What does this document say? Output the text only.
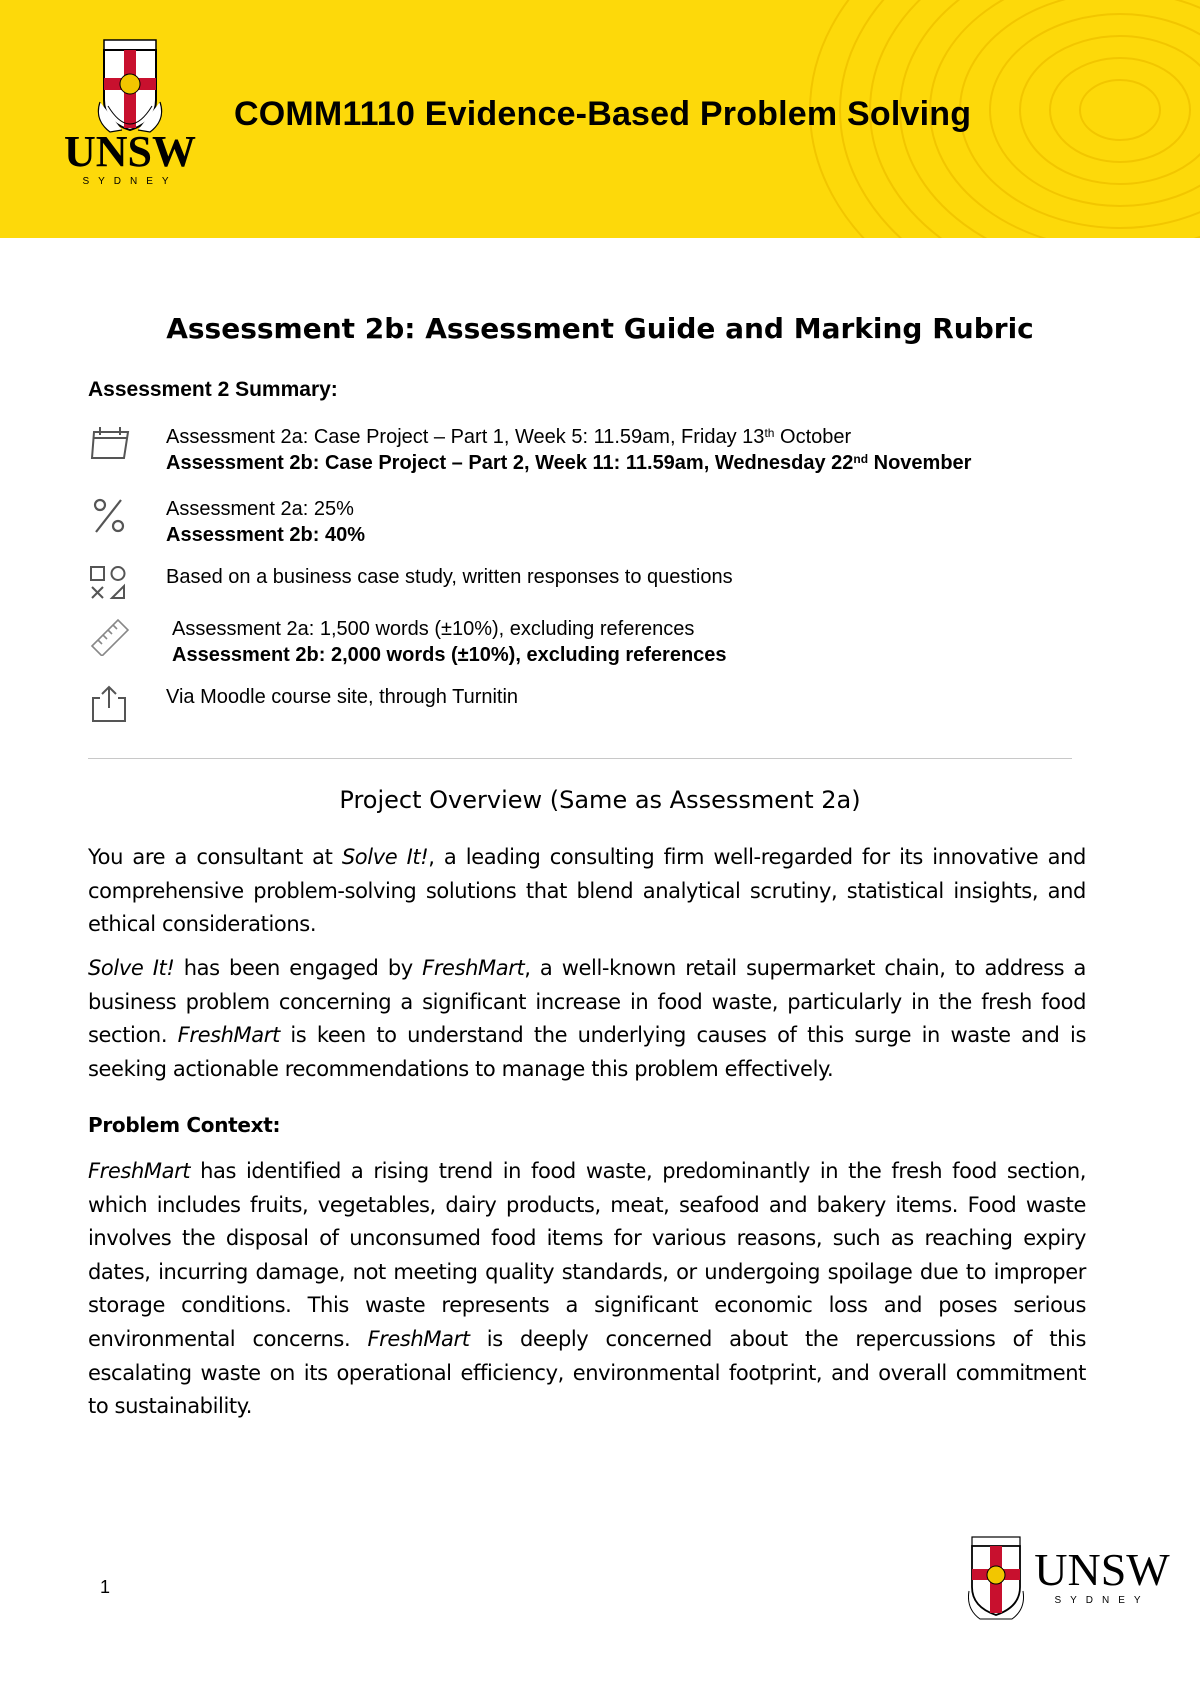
UNSW
SYDNEY
COMM1110 Evidence-Based Problem Solving
Assessment 2b: Assessment Guide and Marking Rubric
Assessment 2 Summary:
Assessment 2a: Case Project – Part 1, Week 5: 11.59am, Friday 13th October
Assessment 2b: Case Project – Part 2, Week 11: 11.59am, Wednesday 22nd November
Assessment 2a: 25%
Assessment 2b: 40%
Based on a business case study, written responses to questions
Assessment 2a: 1,500 words (±10%), excluding references
Assessment 2b: 2,000 words (±10%), excluding references
Via Moodle course site, through Turnitin
Project Overview (Same as Assessment 2a)
You are a consultant at Solve It!, a leading consulting firm well-regarded for its innovative and comprehensive problem-solving solutions that blend analytical scrutiny, statistical insights, and ethical considerations.
Solve It! has been engaged by FreshMart, a well-known retail supermarket chain, to address a business problem concerning a significant increase in food waste, particularly in the fresh food section. FreshMart is keen to understand the underlying causes of this surge in waste and is seeking actionable recommendations to manage this problem effectively.
Problem Context:
FreshMart has identified a rising trend in food waste, predominantly in the fresh food section, which includes fruits, vegetables, dairy products, meat, seafood and bakery items. Food waste involves the disposal of unconsumed food items for various reasons, such as reaching expiry dates, incurring damage, not meeting quality standards, or undergoing spoilage due to improper storage conditions. This waste represents a significant economic loss and poses serious environmental concerns. FreshMart is deeply concerned about the repercussions of this escalating waste on its operational efficiency, environmental footprint, and overall commitment to sustainability.
1	UNSW
SYDNEY
